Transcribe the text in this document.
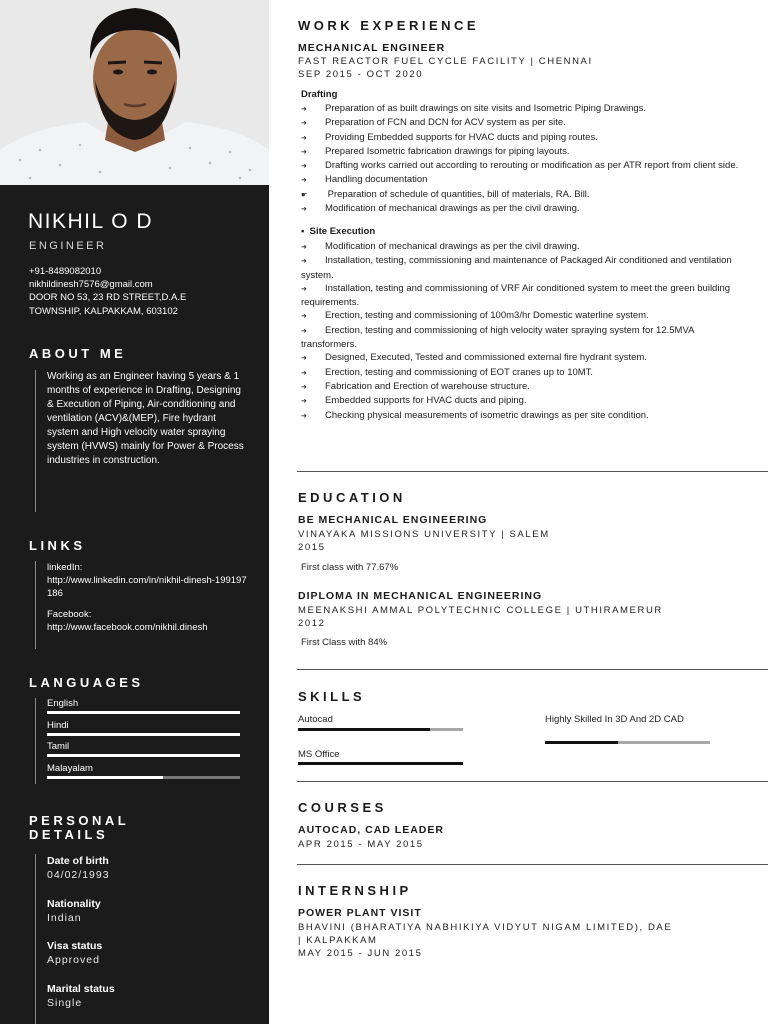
NIKHIL O D
ENGINEER
+91-8489082010
nikhildinesh7576@gmail.com
DOOR NO 53, 23 RD STREET,D.A.E
TOWNSHIP, KALPAKKAM, 603102
ABOUT ME
Working as an Engineer having 5 years & 1 months of experience in Drafting, Designing & Execution of Piping, Air-conditioning and ventilation (ACV)&(MEP), Fire hydrant system and High velocity water spraying system (HVWS) mainly for Power & Process industries in construction.
LINKS
linkedIn:
http://www.linkedin.com/in/nikhil-dinesh-199197186
Facebook:
http://www.facebook.com/nikhil.dinesh
LANGUAGES
English
Hindi
Tamil
Malayalam
PERSONAL
DETAILS
Date of birth
04/02/1993
Nationality
Indian
Visa status
Approved
Marital status
Single
WORK EXPERIENCE
MECHANICAL ENGINEER
FAST REACTOR FUEL CYCLE FACILITY | CHENNAI
SEP 2015 - OCT 2020
Drafting
➜ Preparation of as built drawings on site visits and Isometric Piping Drawings.
➜ Preparation of FCN and DCN for ACV system as per site.
➜ Providing Embedded supports for HVAC ducts and piping routes.
➜ Prepared Isometric fabrication drawings for piping layouts.
➜ Drafting works carried out according to rerouting or modification as per ATR report from client side.
➜ Handling documentation
☛ Preparation of schedule of quantities, bill of materials, RA. Bill.
➜ Modification of mechanical drawings as per the civil drawing.
▪  Site Execution
➜ Modification of mechanical drawings as per the civil drawing.
➜ Installation, testing, commissioning and maintenance of Packaged Air conditioned and ventilation system.
➜ Installation, testing and commissioning of VRF Air conditioned system to meet the green building requirements.
➜ Erection, testing and commissioning of 100m3/hr Domestic waterline system.
➜ Erection, testing and commissioning of high velocity water spraying system for 12.5MVA transformers.
➜ Designed, Executed, Tested and commissioned external fire hydrant system.
➜ Erection, testing and commissioning of EOT cranes up to 10MT.
➜ Fabrication and Erection of warehouse structure.
➜ Embedded supports for HVAC ducts and piping.
➜ Checking physical measurements of isometric drawings as per site condition.
EDUCATION
BE MECHANICAL ENGINEERING
VINAYAKA MISSIONS UNIVERSITY | SALEM
2015
First class with 77.67%
DIPLOMA IN MECHANICAL ENGINEERING
MEENAKSHI AMMAL POLYTECHNIC COLLEGE | UTHIRAMERUR
2012
First Class with 84%
SKILLS
Autocad	Highly Skilled In 3D And 2D CAD
MS Office
COURSES
AUTOCAD, CAD LEADER
APR 2015 - MAY 2015
INTERNSHIP
POWER PLANT VISIT
BHAVINI (BHARATIYA NABHIKIYA VIDYUT NIGAM LIMITED), DAE
| KALPAKKAM
MAY 2015 - JUN 2015
